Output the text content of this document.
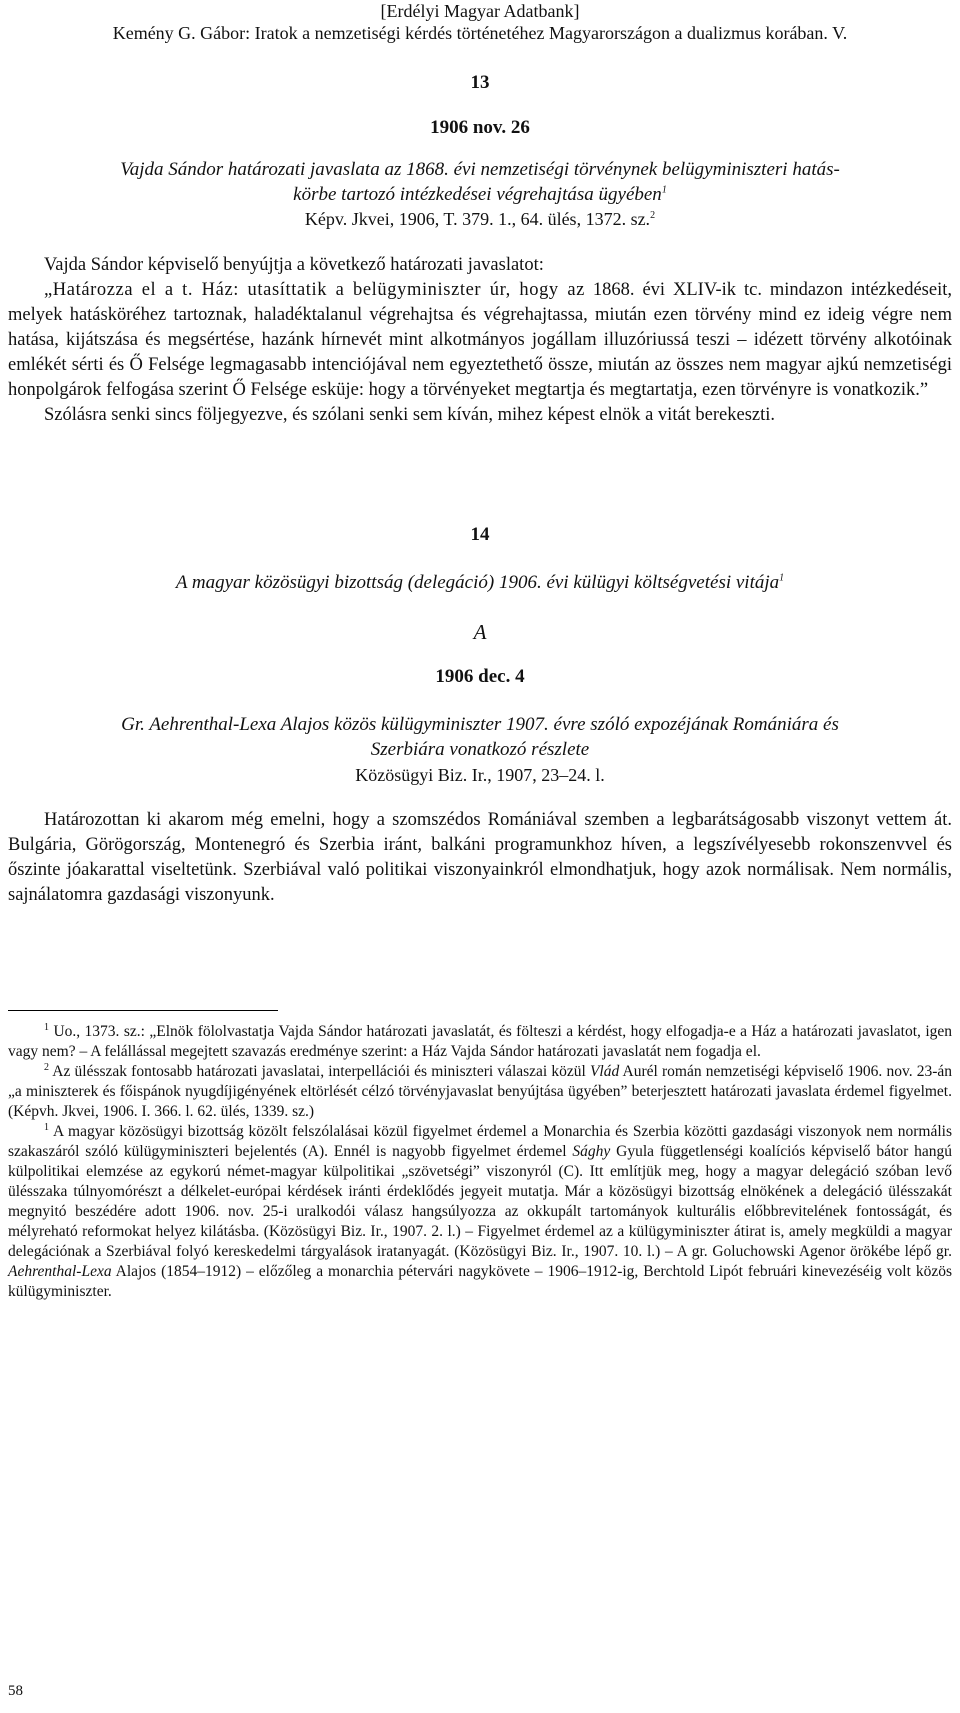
[Erdélyi Magyar Adatbank]
Kemény G. Gábor: Iratok a nemzetiségi kérdés történetéhez Magyarországon a dualizmus korában. V.
13
1906 nov. 26
Vajda Sándor határozati javaslata az 1868. évi nemzetiségi törvénynek belügyminiszteri hatás-
körbe tartozó intézkedései végrehajtása ügyében$^1$
Képv. Jkvei, 1906, T. 379. 1., 64. ülés, 1372. sz.$^2$
Vajda Sándor képviselő benyújtja a következő határozati javaslatot:
„Határozza el a t. Ház: utasíttatik a belügyminiszter úr, hogy az 1868. évi XLIV-ik tc. mindazon intézkedéseit, melyek hatásköréhez tartoznak, haladéktalanul végrehajtsa és végrehajtassa, miután ezen törvény mind ez ideig végre nem hatása, kijátszása és megsértése, hazánk hírnevét mint alkotmányos jogállam illuzóriussá teszi – idézett törvény alkotóinak emlékét sérti és Ő Felsége legmagasabb intenciójával nem egyeztethető össze, miután az összes nem magyar ajkú nemzetiségi honpolgárok felfogása szerint Ő Felsége esküje: hogy a törvényeket megtartja és megtartatja, ezen törvényre is vonatkozik.”
Szólásra senki sincs följegyezve, és szólani senki sem kíván, mihez képest elnök a vitát berekeszti.
14
A magyar közösügyi bizottság (delegáció) 1906. évi külügyi költségvetési vitája$^1$
A
1906 dec. 4
Gr. Aehrenthal-Lexa Alajos közös külügyminiszter 1907. évre szóló expozéjának Romániára és
Szerbiára vonatkozó részlete
Közösügyi Biz. Ir., 1907, 23–24. l.
Határozottan ki akarom még emelni, hogy a szomszédos Romániával szemben a legbarátságosabb viszonyt vettem át. Bulgária, Görögország, Montenegró és Szerbia iránt, balkáni programunkhoz híven, a legszívélyesebb rokonszenvvel és őszinte jóakarattal viseltetünk. Szerbiával való politikai viszonyainkról elmondhatjuk, hogy azok normálisak. Nem normális, sajnálatomra gazdasági viszonyunk.

$^1$ Uo., 1373. sz.: „Elnök fölolvastatja Vajda Sándor határozati javaslatát, és fölteszi a kérdést, hogy elfogadja-e a Ház a határozati javaslatot, igen vagy nem? – A felállással megejtett szavazás eredménye szerint: a Ház Vajda Sándor határozati javaslatát nem fogadja el.

$^2$ Az ülésszak fontosabb határozati javaslatai, interpellációi és miniszteri válaszai közül Vlád Aurél román nemzetiségi képviselő 1906. nov. 23-án „a miniszterek és főispánok nyugdíjigényének eltörlését célzó törvényjavaslat benyújtása ügyében” beterjesztett határozati javaslata érdemel figyelmet. (Képvh. Jkvei, 1906. I. 366. l. 62. ülés, 1339. sz.)

$^1$ A magyar közösügyi bizottság közölt felszólalásai közül figyelmet érdemel a Monarchia és Szerbia közötti gazdasági viszonyok nem normális szakaszáról szóló külügyminiszteri bejelentés (A). Ennél is nagyobb figyelmet érdemel Sághy Gyula függetlenségi koalíciós képviselő bátor hangú külpolitikai elemzése az egykorú német-magyar külpolitikai „szövetségi” viszonyról (C). Itt említjük meg, hogy a magyar delegáció szóban levő ülésszaka túlnyomórészt a délkelet-európai kérdések iránti érdeklődés jegyeit mutatja. Már a közösügyi bizottság elnökének a delegáció ülésszakát megnyitó beszédére adott 1906. nov. 25-i uralkodói válasz hangsúlyozza az okkupált tartományok kulturális előbbrevitelének fontosságát, és mélyreható reformokat helyez kilátásba. (Közösügyi Biz. Ir., 1907. 2. l.) – Figyelmet érdemel az a külügyminiszter átirat is, amely megküldi a magyar delegációnak a Szerbiával folyó kereskedelmi tárgyalások iratanyagát. (Közösügyi Biz. Ir., 1907. 10. l.) – A gr. Goluchowski Agenor örökébe lépő gr. Aehrenthal-Lexa Alajos (1854–1912) – előzőleg a monarchia pétervári nagykövete – 1906–1912-ig, Berchtold Lipót februári kinevezéséig volt közös külügyminiszter.

58
